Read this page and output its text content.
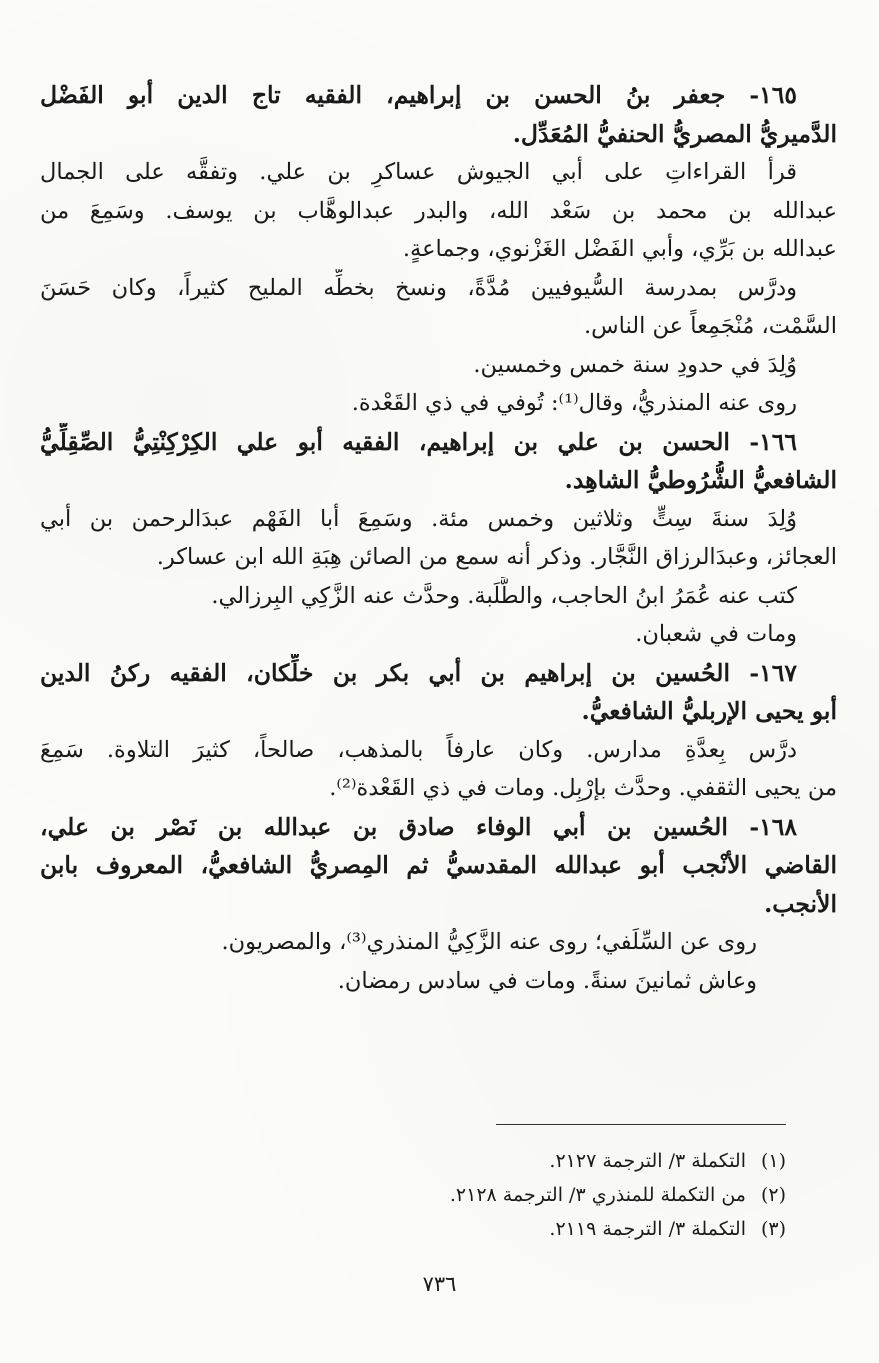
١٦٥- جعفر بنُ الحسن بن إبراهيم، الفقيه تاج الدين أبو الفَضْل
الدَّميريُّ المصريُّ الحنفيُّ المُعَدِّل.
قرأ القراءاتِ على أبي الجيوش عساكرِ بن علي. وتفقَّه على الجمال
عبدالله بن محمد بن سَعْد الله، والبدر عبدالوهَّاب بن يوسف. وسَمِعَ من
عبدالله بن بَرِّي، وأبي الفَضْل الغَزْنوي، وجماعةٍ.
ودرَّس بمدرسة السُّيوفيين مُدَّةً، ونسخ بخطِّه المليح كثيراً، وكان حَسَنَ
السَّمْت، مُنْجَمِعاً عن الناس.
وُلِدَ في حدودِ سنة خمس وخمسين.
روى عنه المنذريُّ، وقال⁽¹⁾: تُوفي في ذي القَعْدة.
١٦٦- الحسن بن علي بن إبراهيم، الفقيه أبو علي الكِرْكِنْتِيُّ الصِّقِلِّيُّ
الشافعيُّ الشُّرُوطيُّ الشاهِد.
وُلِدَ سنةَ سِتٍّ وثلاثين وخمس مئة. وسَمِعَ أبا الفَهْم عبدَالرحمن بن أبي
العجائز، وعبدَالرزاق النَّجَّار. وذكر أنه سمع من الصائن هِبَةِ الله ابن عساكر.
كتب عنه عُمَرُ ابنُ الحاجب، والطَّلَبة. وحدَّث عنه الزَّكِي البِرزالي.
ومات في شعبان.
١٦٧- الحُسين بن إبراهيم بن أبي بكر بن خلِّكان، الفقيه ركنُ الدين
أبو يحيى الإربليُّ الشافعيُّ.
درَّس بِعدَّةِ مدارس. وكان عارفاً بالمذهب، صالحاً، كثيرَ التلاوة. سَمِعَ
من يحيى الثقفي. وحدَّث بإرْبِل. ومات في ذي القَعْدة⁽²⁾.
١٦٨- الحُسين بن أبي الوفاء صادق بن عبدالله بن نَصْر بن علي،
القاضي الأنْجب أبو عبدالله المقدسيُّ ثم المِصريُّ الشافعيُّ، المعروف بابن
الأنجب.
روى عن السِّلَفي؛ روى عنه الزَّكِيُّ المنذري⁽³⁾، والمصريون.
وعاش ثمانينَ سنةً. ومات في سادس رمضان.
(١)التكملة ٣/ الترجمة ٢١٢٧.
(٢)من التكملة للمنذري ٣/ الترجمة ٢١٢٨.
(٣)التكملة ٣/ الترجمة ٢١١٩.
٧٣٦
